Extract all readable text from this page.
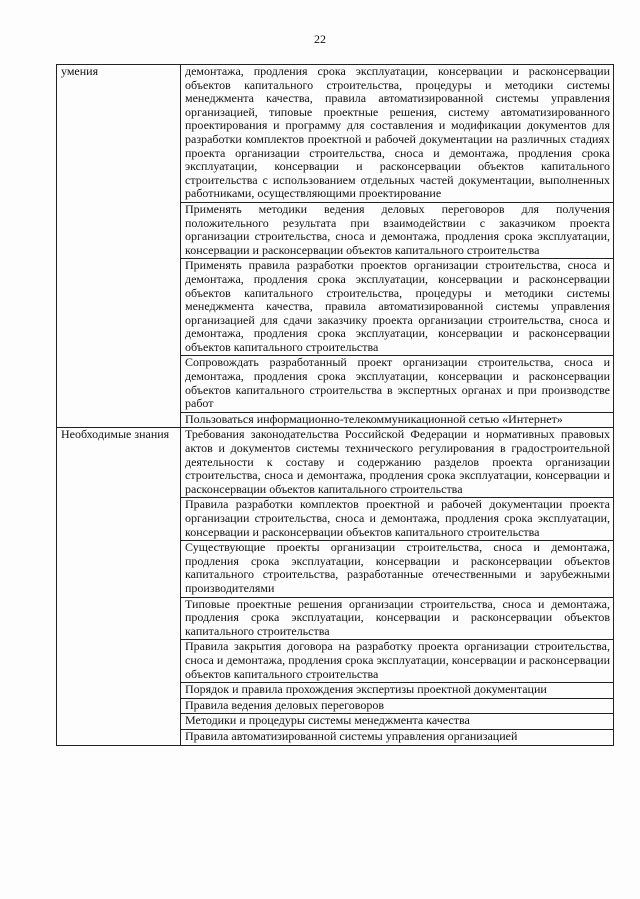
22
умения	демонтажа, продления срока эксплуатации, консервации и расконсервации объектов капитального строительства, процедуры и методики системы менеджмента качества, правила автоматизированной системы управления организацией, типовые проектные решения, систему автоматизированного проектирования и программу для составления и модификации документов для разработки комплектов проектной и рабочей документации на различных стадиях проекта организации строительства, сноса и демонтажа, продления срока эксплуатации, консервации и расконсервации объектов капитального строительства с использованием отдельных частей документации, выполненных работниками, осуществляющими проектирование
	Применять методики ведения деловых переговоров для получения положительного результата при взаимодействии с заказчиком проекта организации строительства, сноса и демонтажа, продления срока эксплуатации, консервации и расконсервации объектов капитального строительства
	Применять правила разработки проектов организации строительства, сноса и демонтажа, продления срока эксплуатации, консервации и расконсервации объектов капитального строительства, процедуры и методики системы менеджмента качества, правила автоматизированной системы управления организацией для сдачи заказчику проекта организации строительства, сноса и демонтажа, продления срока эксплуатации, консервации и расконсервации объектов капитального строительства
	Сопровождать разработанный проект организации строительства, сноса и демонтажа, продления срока эксплуатации, консервации и расконсервации объектов капитального строительства в экспертных органах и при производстве работ
	Пользоваться информационно-телекоммуникационной сетью «Интернет»
Необходимые знания	Требования законодательства Российской Федерации и нормативных правовых актов и документов системы технического регулирования в градостроительной деятельности к составу и содержанию разделов проекта организации строительства, сноса и демонтажа, продления срока эксплуатации, консервации и расконсервации объектов капитального строительства
	Правила разработки комплектов проектной и рабочей документации проекта организации строительства, сноса и демонтажа, продления срока эксплуатации, консервации и расконсервации объектов капитального строительства
	Существующие проекты организации строительства, сноса и демонтажа, продления срока эксплуатации, консервации и расконсервации объектов капитального строительства, разработанные отечественными и зарубежными производителями
	Типовые проектные решения организации строительства, сноса и демонтажа, продления срока эксплуатации, консервации и расконсервации объектов капитального строительства
	Правила закрытия договора на разработку проекта организации строительства, сноса и демонтажа, продления срока эксплуатации, консервации и расконсервации объектов капитального строительства
	Порядок и правила прохождения экспертизы проектной документации
	Правила ведения деловых переговоров
	Методики и процедуры системы менеджмента качества
	Правила автоматизированной системы управления организацией
